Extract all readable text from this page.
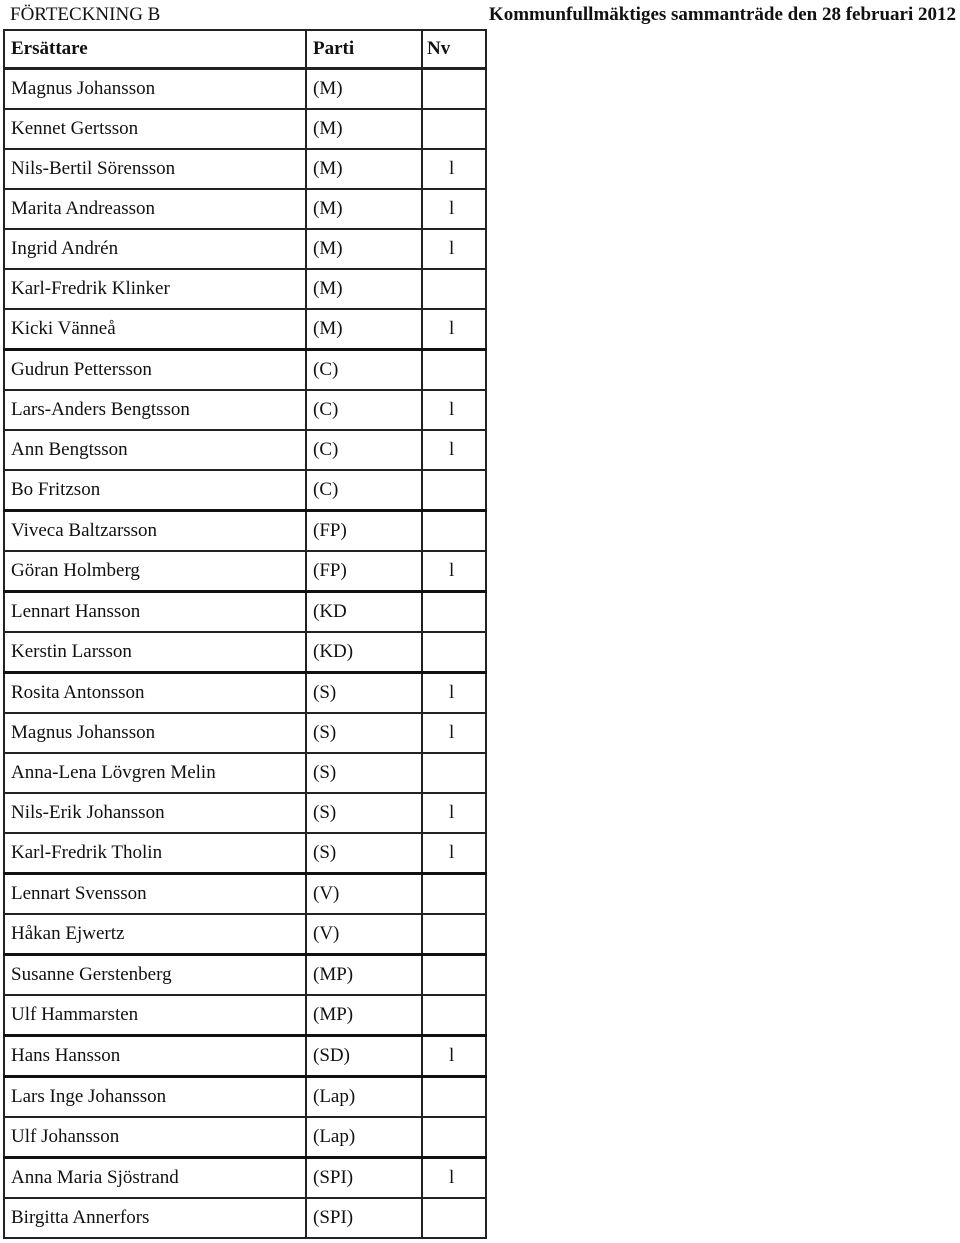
FÖRTECKNING B	Kommunfullmäktiges sammanträde den 28 februari 2012
Ersättare	Parti	Nv
Magnus Johansson	(M)	
Kennet Gertsson	(M)	
Nils-Bertil Sörensson	(M)	l
Marita Andreasson	(M)	l
Ingrid Andrén	(M)	l
Karl-Fredrik Klinker	(M)	
Kicki Vänneå	(M)	l
Gudrun Pettersson	(C)	
Lars-Anders Bengtsson	(C)	l
Ann Bengtsson	(C)	l
Bo Fritzson	(C)	
Viveca Baltzarsson	(FP)	
Göran Holmberg	(FP)	l
Lennart Hansson	(KD	
Kerstin Larsson	(KD)	
Rosita Antonsson	(S)	l
Magnus Johansson	(S)	l
Anna-Lena Lövgren Melin	(S)	
Nils-Erik Johansson	(S)	l
Karl-Fredrik Tholin	(S)	l
Lennart Svensson	(V)	
Håkan Ejwertz	(V)	
Susanne Gerstenberg	(MP)	
Ulf Hammarsten	(MP)	
Hans Hansson	(SD)	l
Lars Inge Johansson	(Lap)	
Ulf Johansson	(Lap)	
Anna Maria Sjöstrand	(SPI)	l
Birgitta Annerfors	(SPI)	
